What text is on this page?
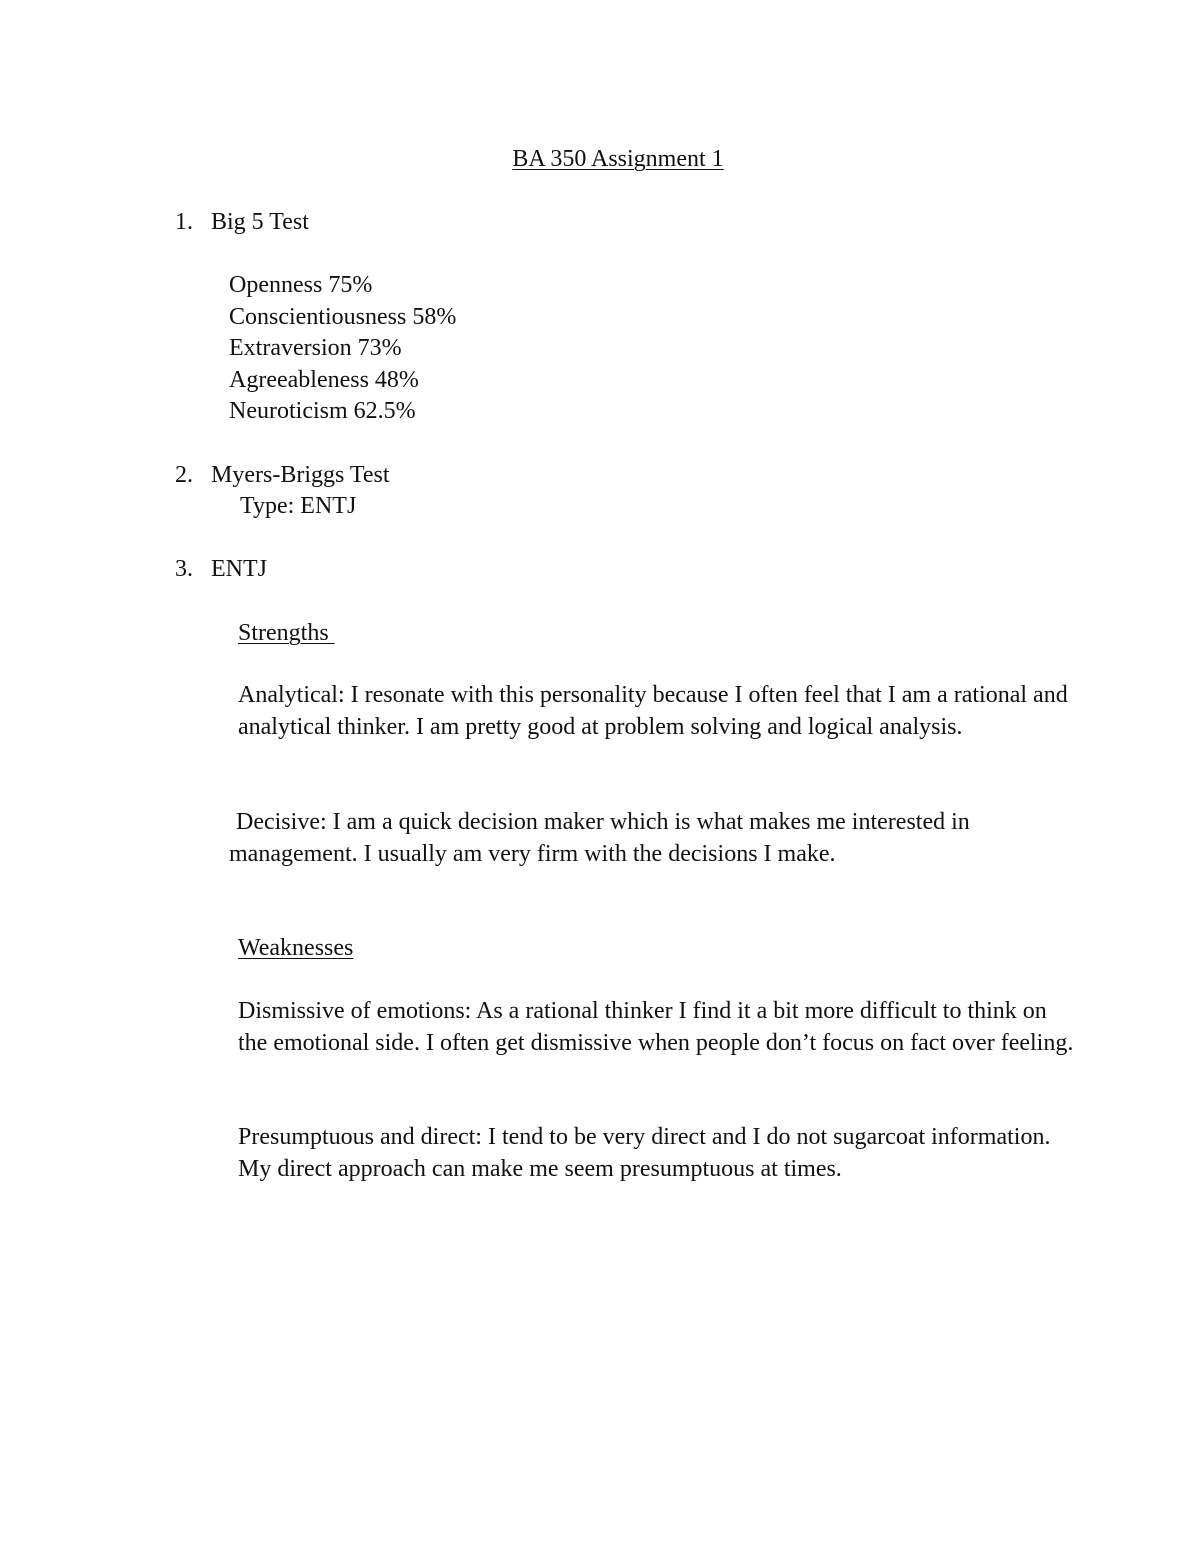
BA 350 Assignment 1
1. Big 5 Test
Openness 75%
Conscientiousness 58%
Extraversion 73%
Agreeableness 48%
Neuroticism 62.5%
2. Myers-Briggs Test
Type: ENTJ
3. ENTJ
Strengths

Analytical: I resonate with this personality because I often feel that I am a rational and analytical thinker. I am pretty good at problem solving and logical analysis.

Decisive: I am a quick decision maker which is what makes me interested in management. I usually am very firm with the decisions I make.

Weaknesses

Dismissive of emotions: As a rational thinker I find it a bit more difficult to think on the emotional side. I often get dismissive when people don’t focus on fact over feeling.

Presumptuous and direct: I tend to be very direct and I do not sugarcoat information. My direct approach can make me seem presumptuous at times.
